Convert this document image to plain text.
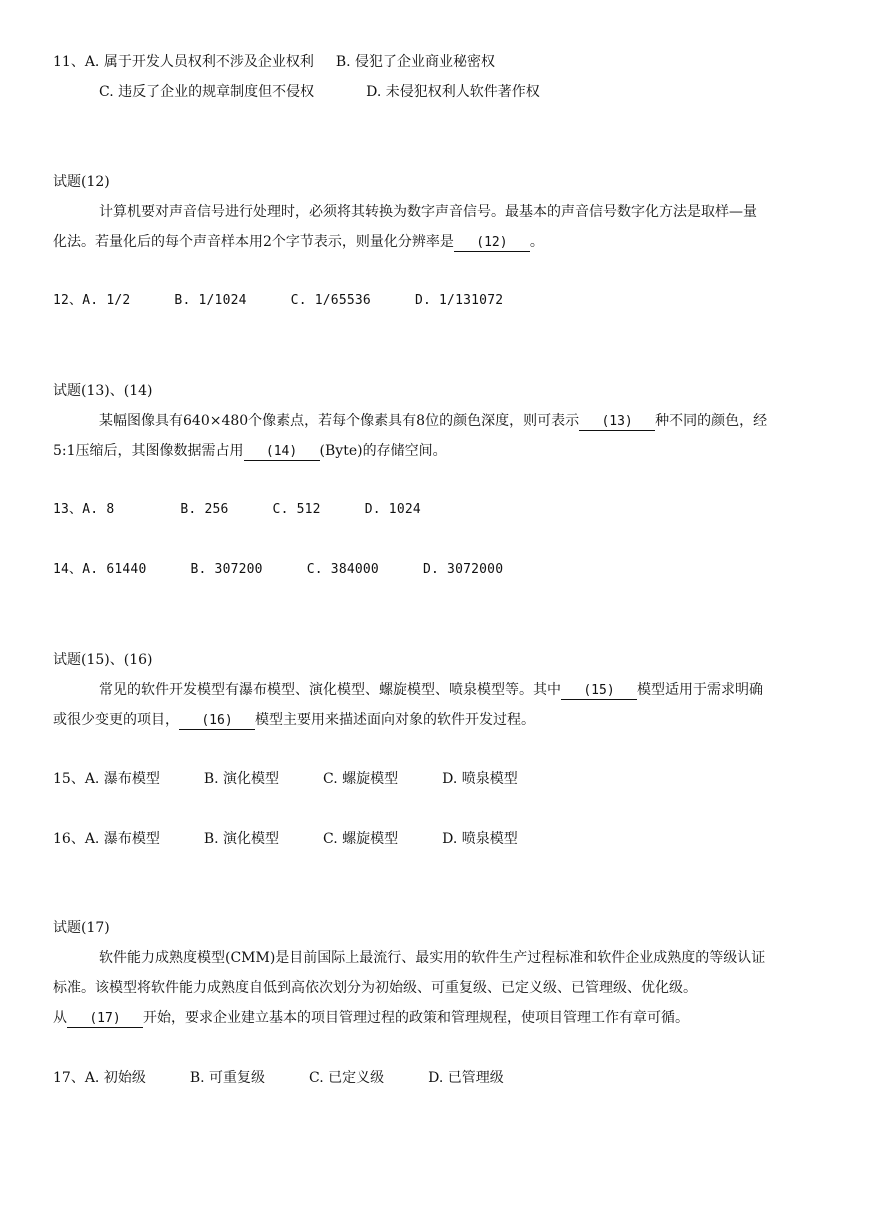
11、A. 属于开发人员权利不涉及企业权利 B. 侵犯了企业商业秘密权
C. 违反了企业的规章制度但不侵权	D. 未侵犯权利人软件著作权
试题(12)
计算机要对声音信号进行处理时，必须将其转换为数字声音信号。最基本的声音信号数字化方法是取样—量
化法。若量化后的每个声音样本用2个字节表示，则量化分辨率是 (12) 。
12、A. 1/2	B. 1/1024	C. 1/65536	D. 1/131072
试题(13)、(14)
某幅图像具有640×480个像素点，若每个像素具有8位的颜色深度，则可表示 (13) 种不同的颜色，经
5:1压缩后，其图像数据需占用 (14) (Byte)的存储空间。
13、A. 8	B. 256	C. 512	D. 1024
14、A. 61440	B. 307200	C. 384000	D. 3072000
试题(15)、(16)
常见的软件开发模型有瀑布模型、演化模型、螺旋模型、喷泉模型等。其中 (15) 模型适用于需求明确
或很少变更的项目， (16) 模型主要用来描述面向对象的软件开发过程。
15、A. 瀑布模型	B. 演化模型	C. 螺旋模型	D. 喷泉模型
16、A. 瀑布模型	B. 演化模型	C. 螺旋模型	D. 喷泉模型
试题(17)
软件能力成熟度模型(CMM)是目前国际上最流行、最实用的软件生产过程标准和软件企业成熟度的等级认证
标准。该模型将软件能力成熟度自低到高依次划分为初始级、可重复级、已定义级、已管理级、优化级。
从 (17) 开始，要求企业建立基本的项目管理过程的政策和管理规程，使项目管理工作有章可循。
17、A. 初始级	B. 可重复级	C. 已定义级	D. 已管理级
